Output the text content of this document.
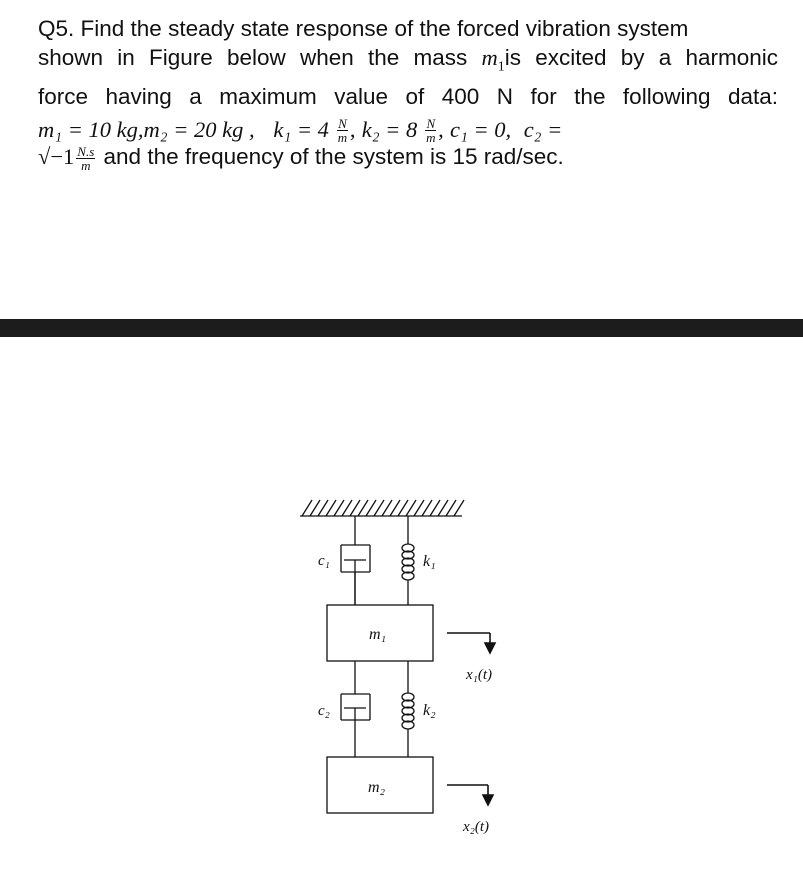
Q5. Find the steady state response of the forced vibration system
shown in Figure below when the mass $m_1is$ excited by a harmonic
force having a maximum value of 400 N for the following data:
m₁ = 10 kg,m₂ = 20 kg , $k_1 = 4 \frac{N}{m}$ , $k_2 = 8 \frac{N}{m}$ , c₁ = 0, c₂ =
$√-1 \frac{N.s}{m}$ and the frequency of the system is 15 rad/sec.
c₁	k₁
m₁
x₁(t)
c₂	k₂
m₂
x₂(t)
